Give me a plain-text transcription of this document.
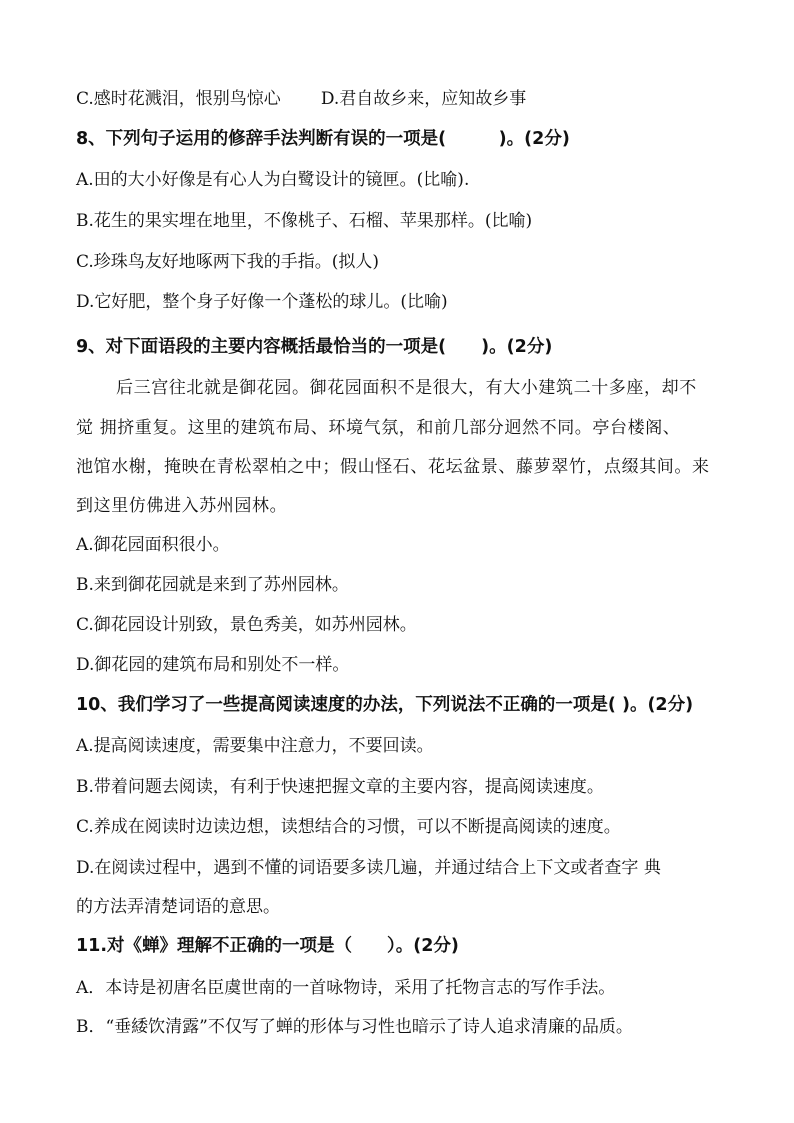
C.感时花溅泪，恨别鸟惊心 D.君自故乡来，应知故乡事
8、下列句子运用的修辞手法判断有误的一项是(　　　)。(2分)
A.田的大小好像是有心人为白鹭设计的镜匣。(比喻).
B.花生的果实埋在地里，不像桃子、石榴、苹果那样。(比喻)
C.珍珠鸟友好地啄两下我的手指。(拟人)
D.它好肥，整个身子好像一个蓬松的球儿。(比喻)
9、对下面语段的主要内容概括最恰当的一项是(　　)。(2分)
后三宫往北就是御花园。御花园面积不是很大，有大小建筑二十多座，却不
觉 拥挤重复。这里的建筑布局、环境气氛，和前几部分迥然不同。亭台楼阁、
池馆水榭，掩映在青松翠柏之中；假山怪石、花坛盆景、藤萝翠竹，点缀其间。来
到这里仿佛进入苏州园林。
A.御花园面积很小。
B.来到御花园就是来到了苏州园林。
C.御花园设计别致，景色秀美，如苏州园林。
D.御花园的建筑布局和别处不一样。
10、我们学习了一些提高阅读速度的办法，下列说法不正确的一项是( )。(2分)
A.提高阅读速度，需要集中注意力，不要回读。
B.带着问题去阅读，有利于快速把握文章的主要内容，提高阅读速度。
C.养成在阅读时边读边想，读想结合的习惯，可以不断提高阅读的速度。
D.在阅读过程中，遇到不懂的词语要多读几遍，并通过结合上下文或者查字 典
的方法弄清楚词语的意思。
11.对《蝉》理解不正确的一项是（　　）。(2分)
A．本诗是初唐名臣虞世南的一首咏物诗，采用了托物言志的写作手法。
B．“垂緌饮清露”不仅写了蝉的形体与习性也暗示了诗人追求清廉的品质。
